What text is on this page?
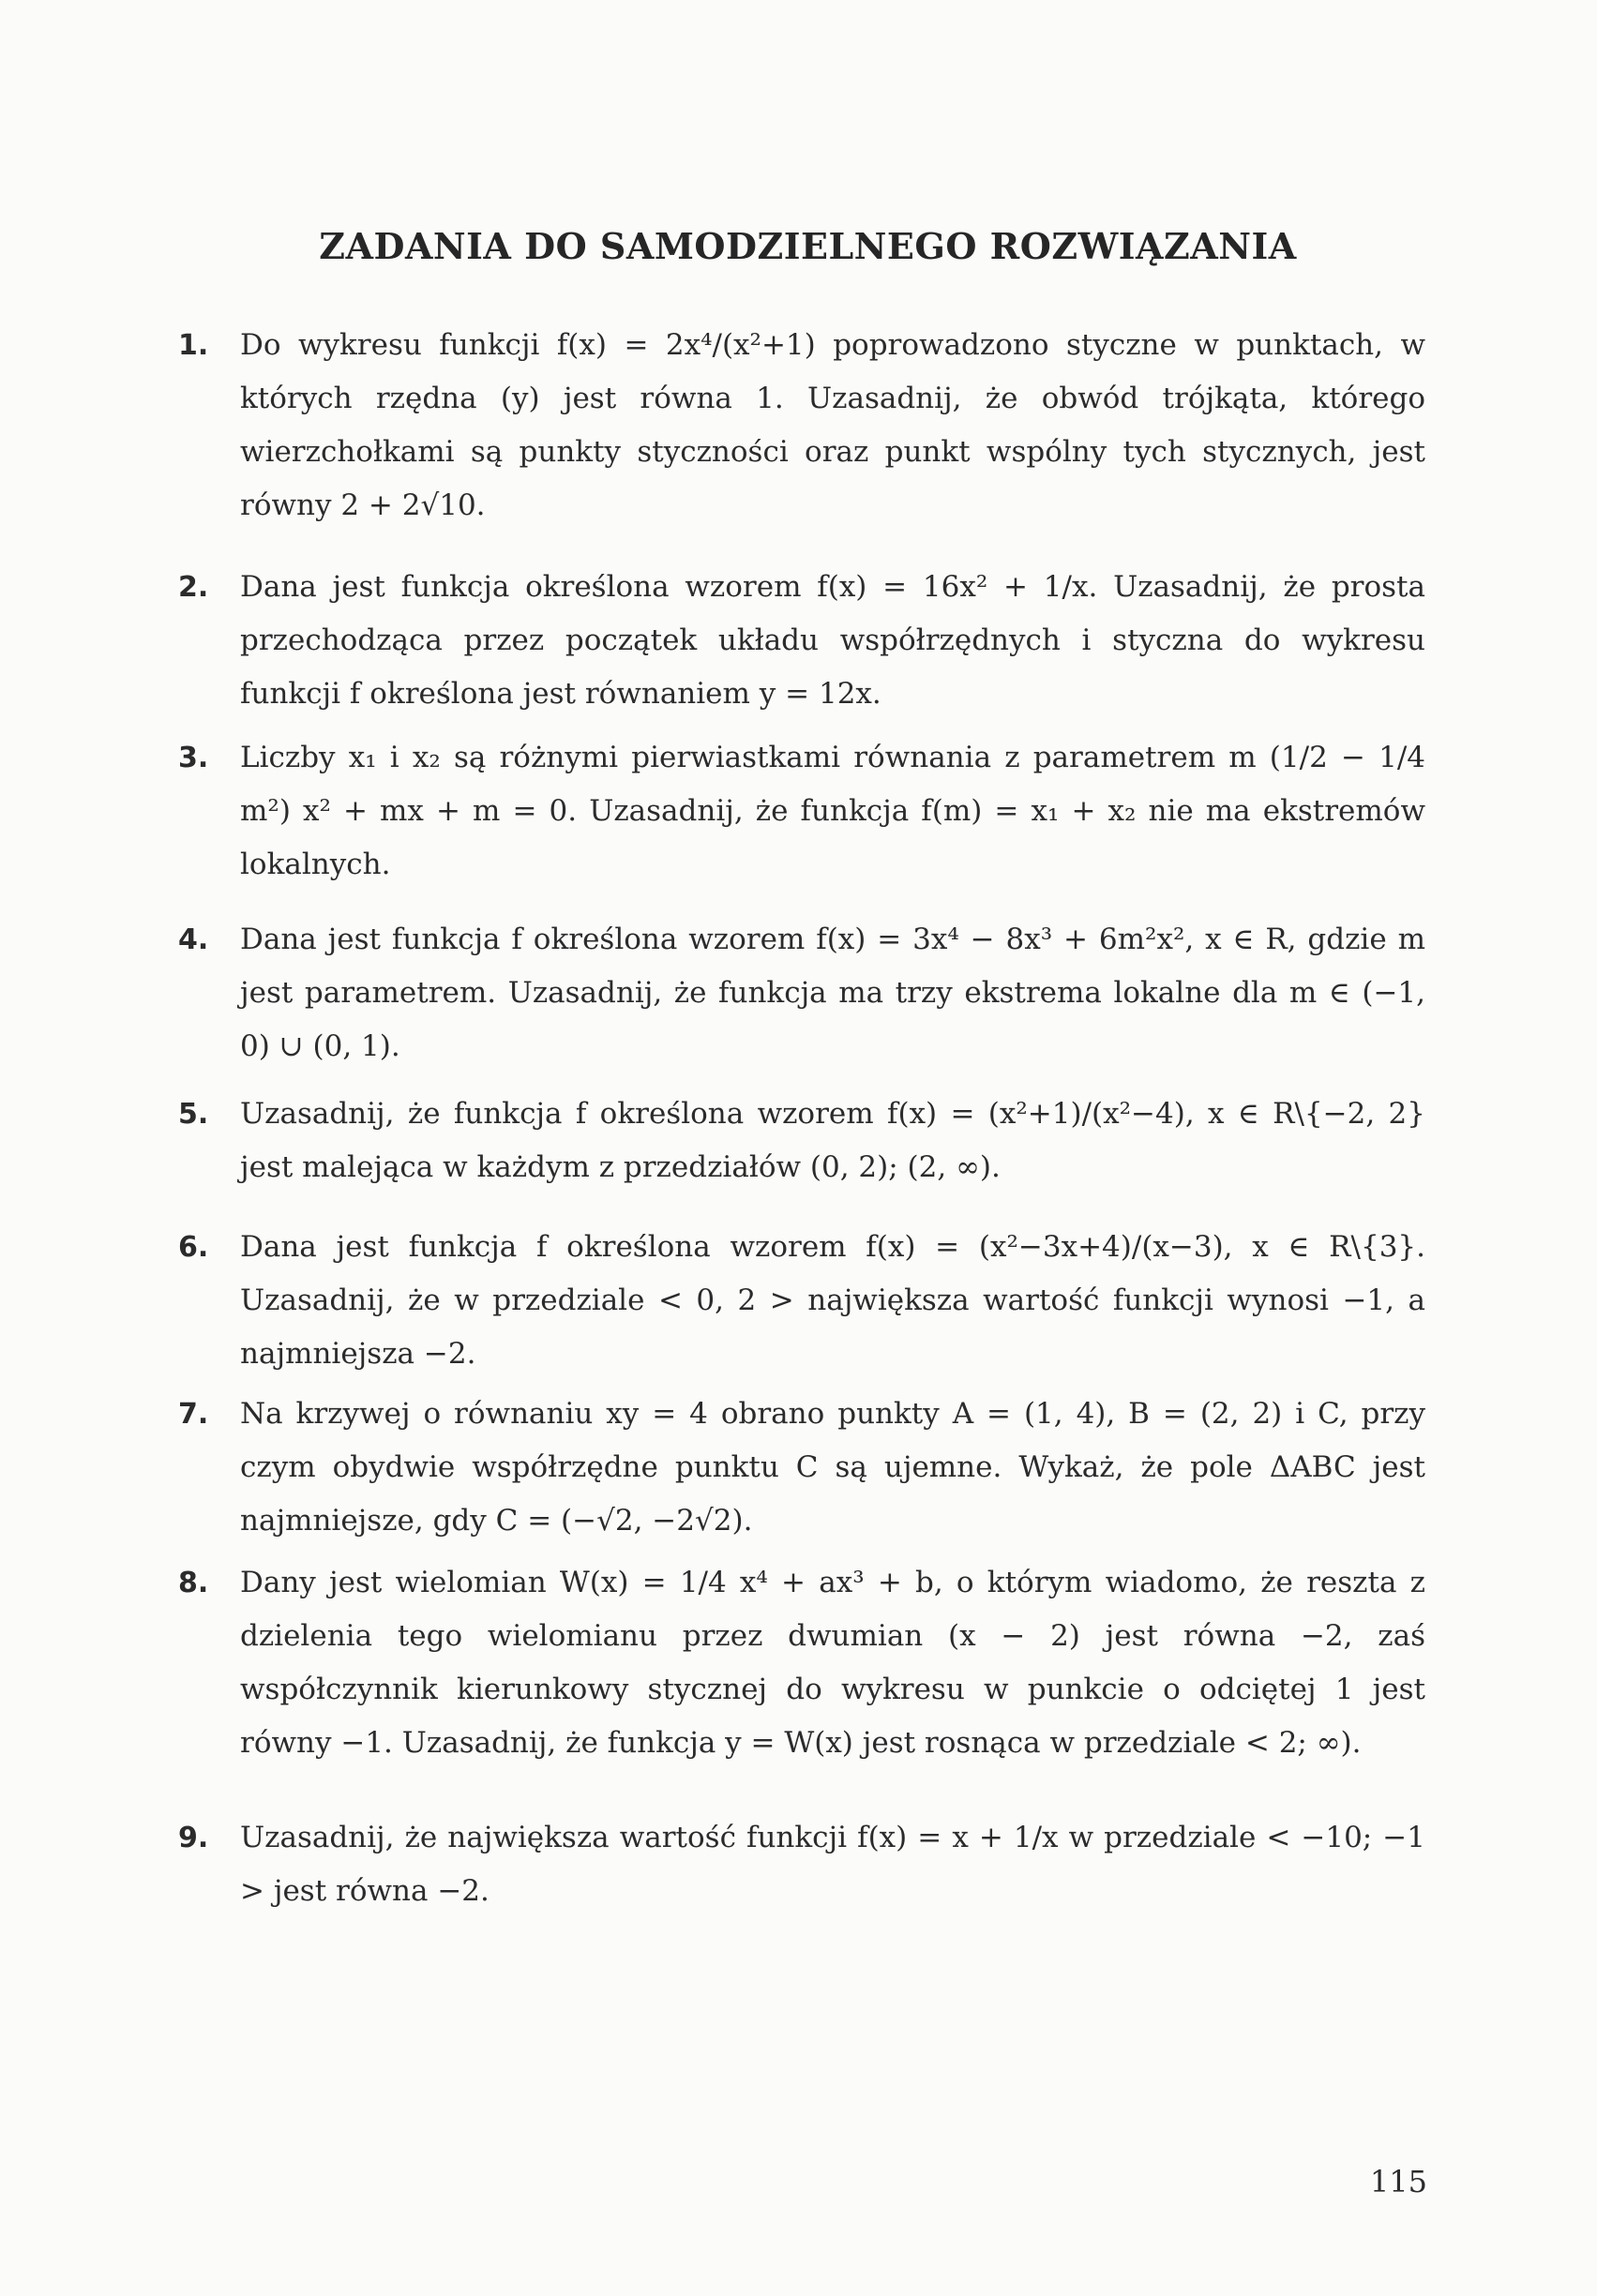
ZADANIA DO SAMODZIELNEGO ROZWIĄZANIA
1. Do wykresu funkcji f(x) = 2x⁴/(x²+1) poprowadzono styczne w punktach, w których rzędna (y) jest równa 1. Uzasadnij, że obwód trójkąta, którego wierzchołkami są punkty styczności oraz punkt wspólny tych stycznych, jest równy 2 + 2√10.
2. Dana jest funkcja określona wzorem f(x) = 16x² + 1/x. Uzasadnij, że prosta przechodząca przez początek układu współrzędnych i styczna do wykresu funkcji f określona jest równaniem y = 12x.
3. Liczby x₁ i x₂ są różnymi pierwiastkami równania z parametrem m (1/2 − 1/4 m²) x² + mx + m = 0. Uzasadnij, że funkcja f(m) = x₁ + x₂ nie ma ekstremów lokalnych.
4. Dana jest funkcja f określona wzorem f(x) = 3x⁴ − 8x³ + 6m²x², x ∈ R, gdzie m jest parametrem. Uzasadnij, że funkcja ma trzy ekstrema lokalne dla m ∈ (−1, 0) ∪ (0, 1).
5. Uzasadnij, że funkcja f określona wzorem f(x) = (x²+1)/(x²−4), x ∈ R\{−2, 2} jest malejąca w każdym z przedziałów (0, 2); (2, ∞).
6. Dana jest funkcja f określona wzorem f(x) = (x²−3x+4)/(x−3), x ∈ R\{3}. Uzasadnij, że w przedziale < 0, 2 > największa wartość funkcji wynosi −1, a najmniejsza −2.
7. Na krzywej o równaniu xy = 4 obrano punkty A = (1, 4), B = (2, 2) i C, przy czym obydwie współrzędne punktu C są ujemne. Wykaż, że pole ΔABC jest najmniejsze, gdy C = (−√2, −2√2).
8. Dany jest wielomian W(x) = 1/4 x⁴ + ax³ + b, o którym wiadomo, że reszta z dzielenia tego wielomianu przez dwumian (x − 2) jest równa −2, zaś współczynnik kierunkowy stycznej do wykresu w punkcie o odciętej 1 jest równy −1. Uzasadnij, że funkcja y = W(x) jest rosnąca w przedziale < 2; ∞).
9. Uzasadnij, że największa wartość funkcji f(x) = x + 1/x w przedziale < −10; −1 > jest równa −2.
115
